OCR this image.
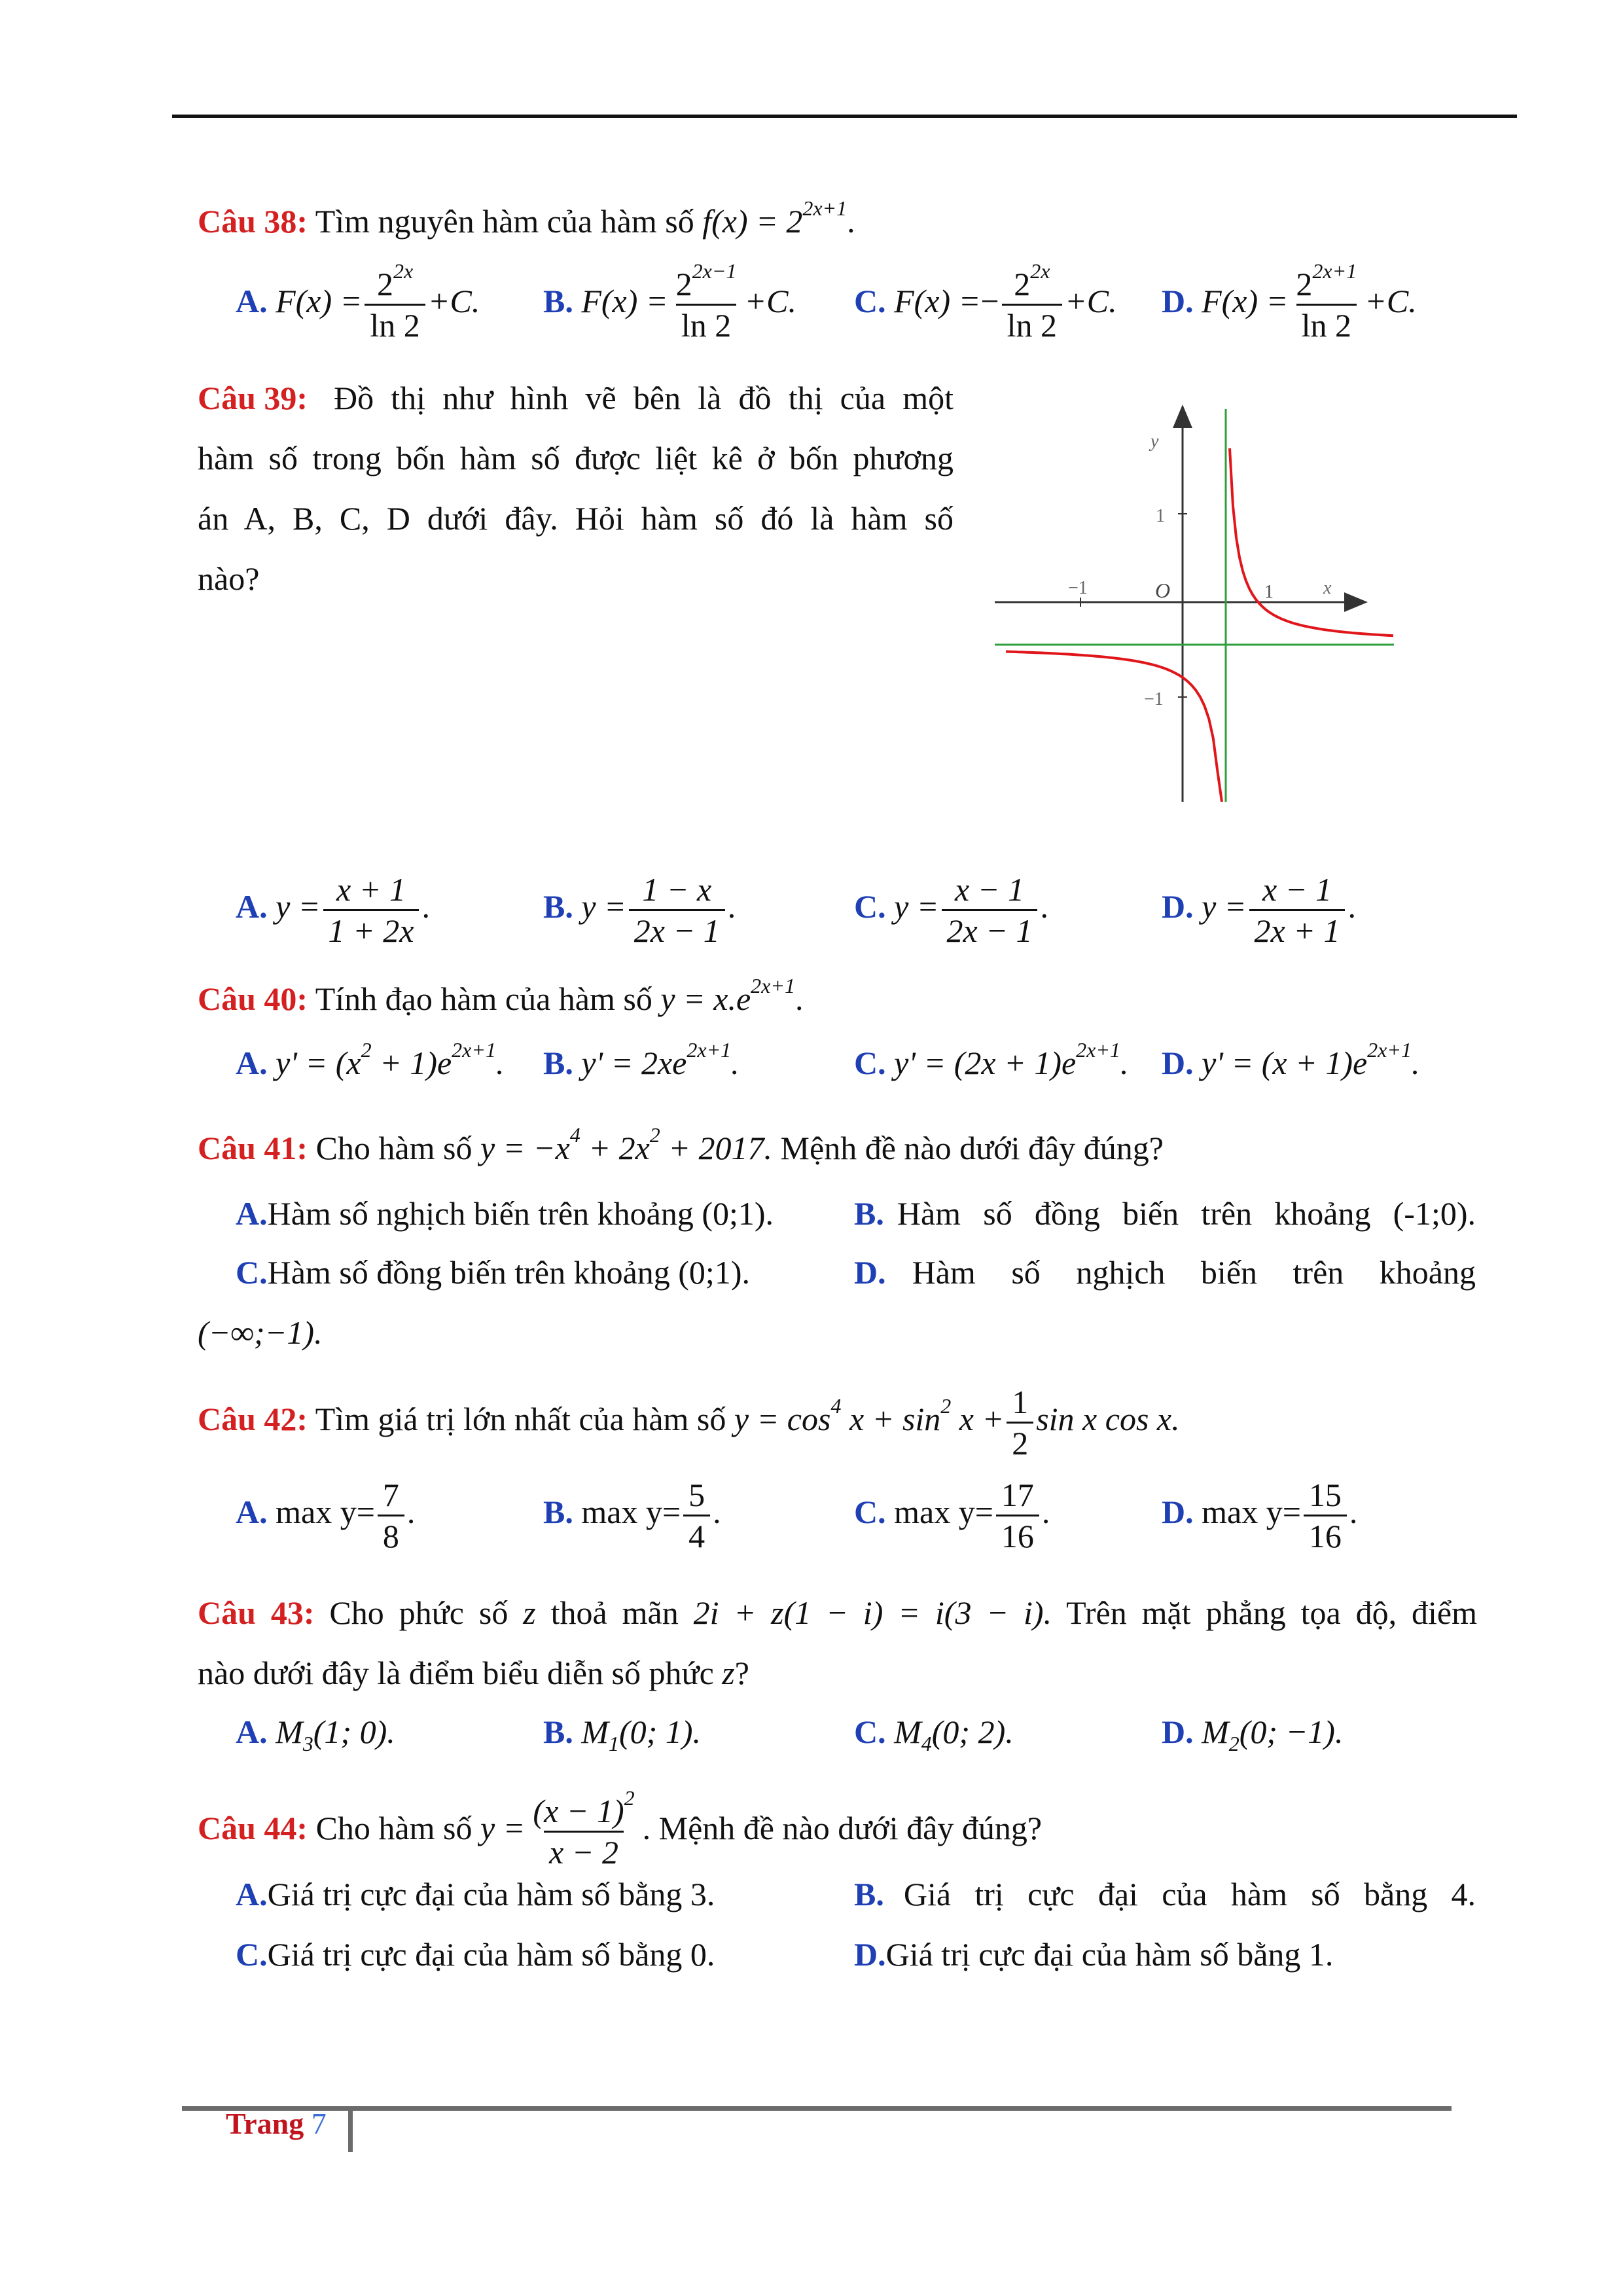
Câu 38: Tìm nguyên hàm của hàm số $f(x) = 2^{2x+1}$.
A. $F(x) = \frac{2^{2x}}{\ln 2} +C$. B. $F(x) = \frac{2^{2x-1}}{\ln 2} +C$. C. $F(x) =- \frac{2^{2x}}{\ln 2} +C$. D. $F(x) = \frac{2^{2x+1}}{\ln 2} +C$.
Câu 39: Đồ thị như hình vẽ bên là đồ thị của một
hàm số trong bốn hàm số được liệt kê ở bốn phương
án A, B, C, D dưới đây. Hỏi hàm số đó là hàm số
nào?
y
x
O
1
−1
−1	1
A. $y = \frac{x + 1}{1 + 2x}$ .	B. $y = \frac{1 - x}{2x - 1}$ .	C. $y = \frac{x - 1}{2x - 1}$ .	D. $y = \frac{x - 1}{2x + 1}$ .
Câu 40: Tính đạo hàm của hàm số $y = x.e^{2x+1}$.
A. $y' = (x^2 + 1)e^{2x+1}$. B. $y' = 2xe^{2x+1}$.	C. $y' = (2x + 1)e^{2x+1}$. D. $y' = (x + 1)e^{2x+1}$.
Câu 41: Cho hàm số $y = -x^4 + 2x^2 + 2017$. Mệnh đề nào dưới đây đúng?
A.Hàm số nghịch biến trên khoảng (0;1). B. Hàm số đồng biến trên khoảng (-1;0).
C.Hàm số đồng biến trên khoảng (0;1).	D. Hàm số nghịch biến trên khoảng
(−∞;−1).
Câu 42: Tìm giá trị lớn nhất của hàm số $y = \cos^4 x + \sin^2 x + \frac{1}{2}$ sin x cos x.
A. $\max y= \frac{7}{8}$ .	B. $\max y= \frac{5}{4}$ .	C. $\max y= \frac{17}{16}$ .	D. $\max y= \frac{15}{16}$ .
Câu 43: Cho phức số z thoả mãn 2i + z(1 − i) = i(3 − i). Trên mặt phẳng tọa độ, điểm
nào dưới đây là điểm biểu diễn số phức z?
A. $M_3(1$; 0).	B. $M_1(0$; 1).	C. $M_4(0$; 2).	D. $M_2(0$; −1).
Câu 44: Cho hàm số $y = \frac{(x - 1)^2}{x - 2}$ . Mệnh đề nào dưới đây đúng?
A.Giá trị cực đại của hàm số bằng 3.	B. Giá trị cực đại của hàm số bằng 4.
C.Giá trị cực đại của hàm số bằng 0.	D.Giá trị cực đại của hàm số bằng 1.
Trang 7
